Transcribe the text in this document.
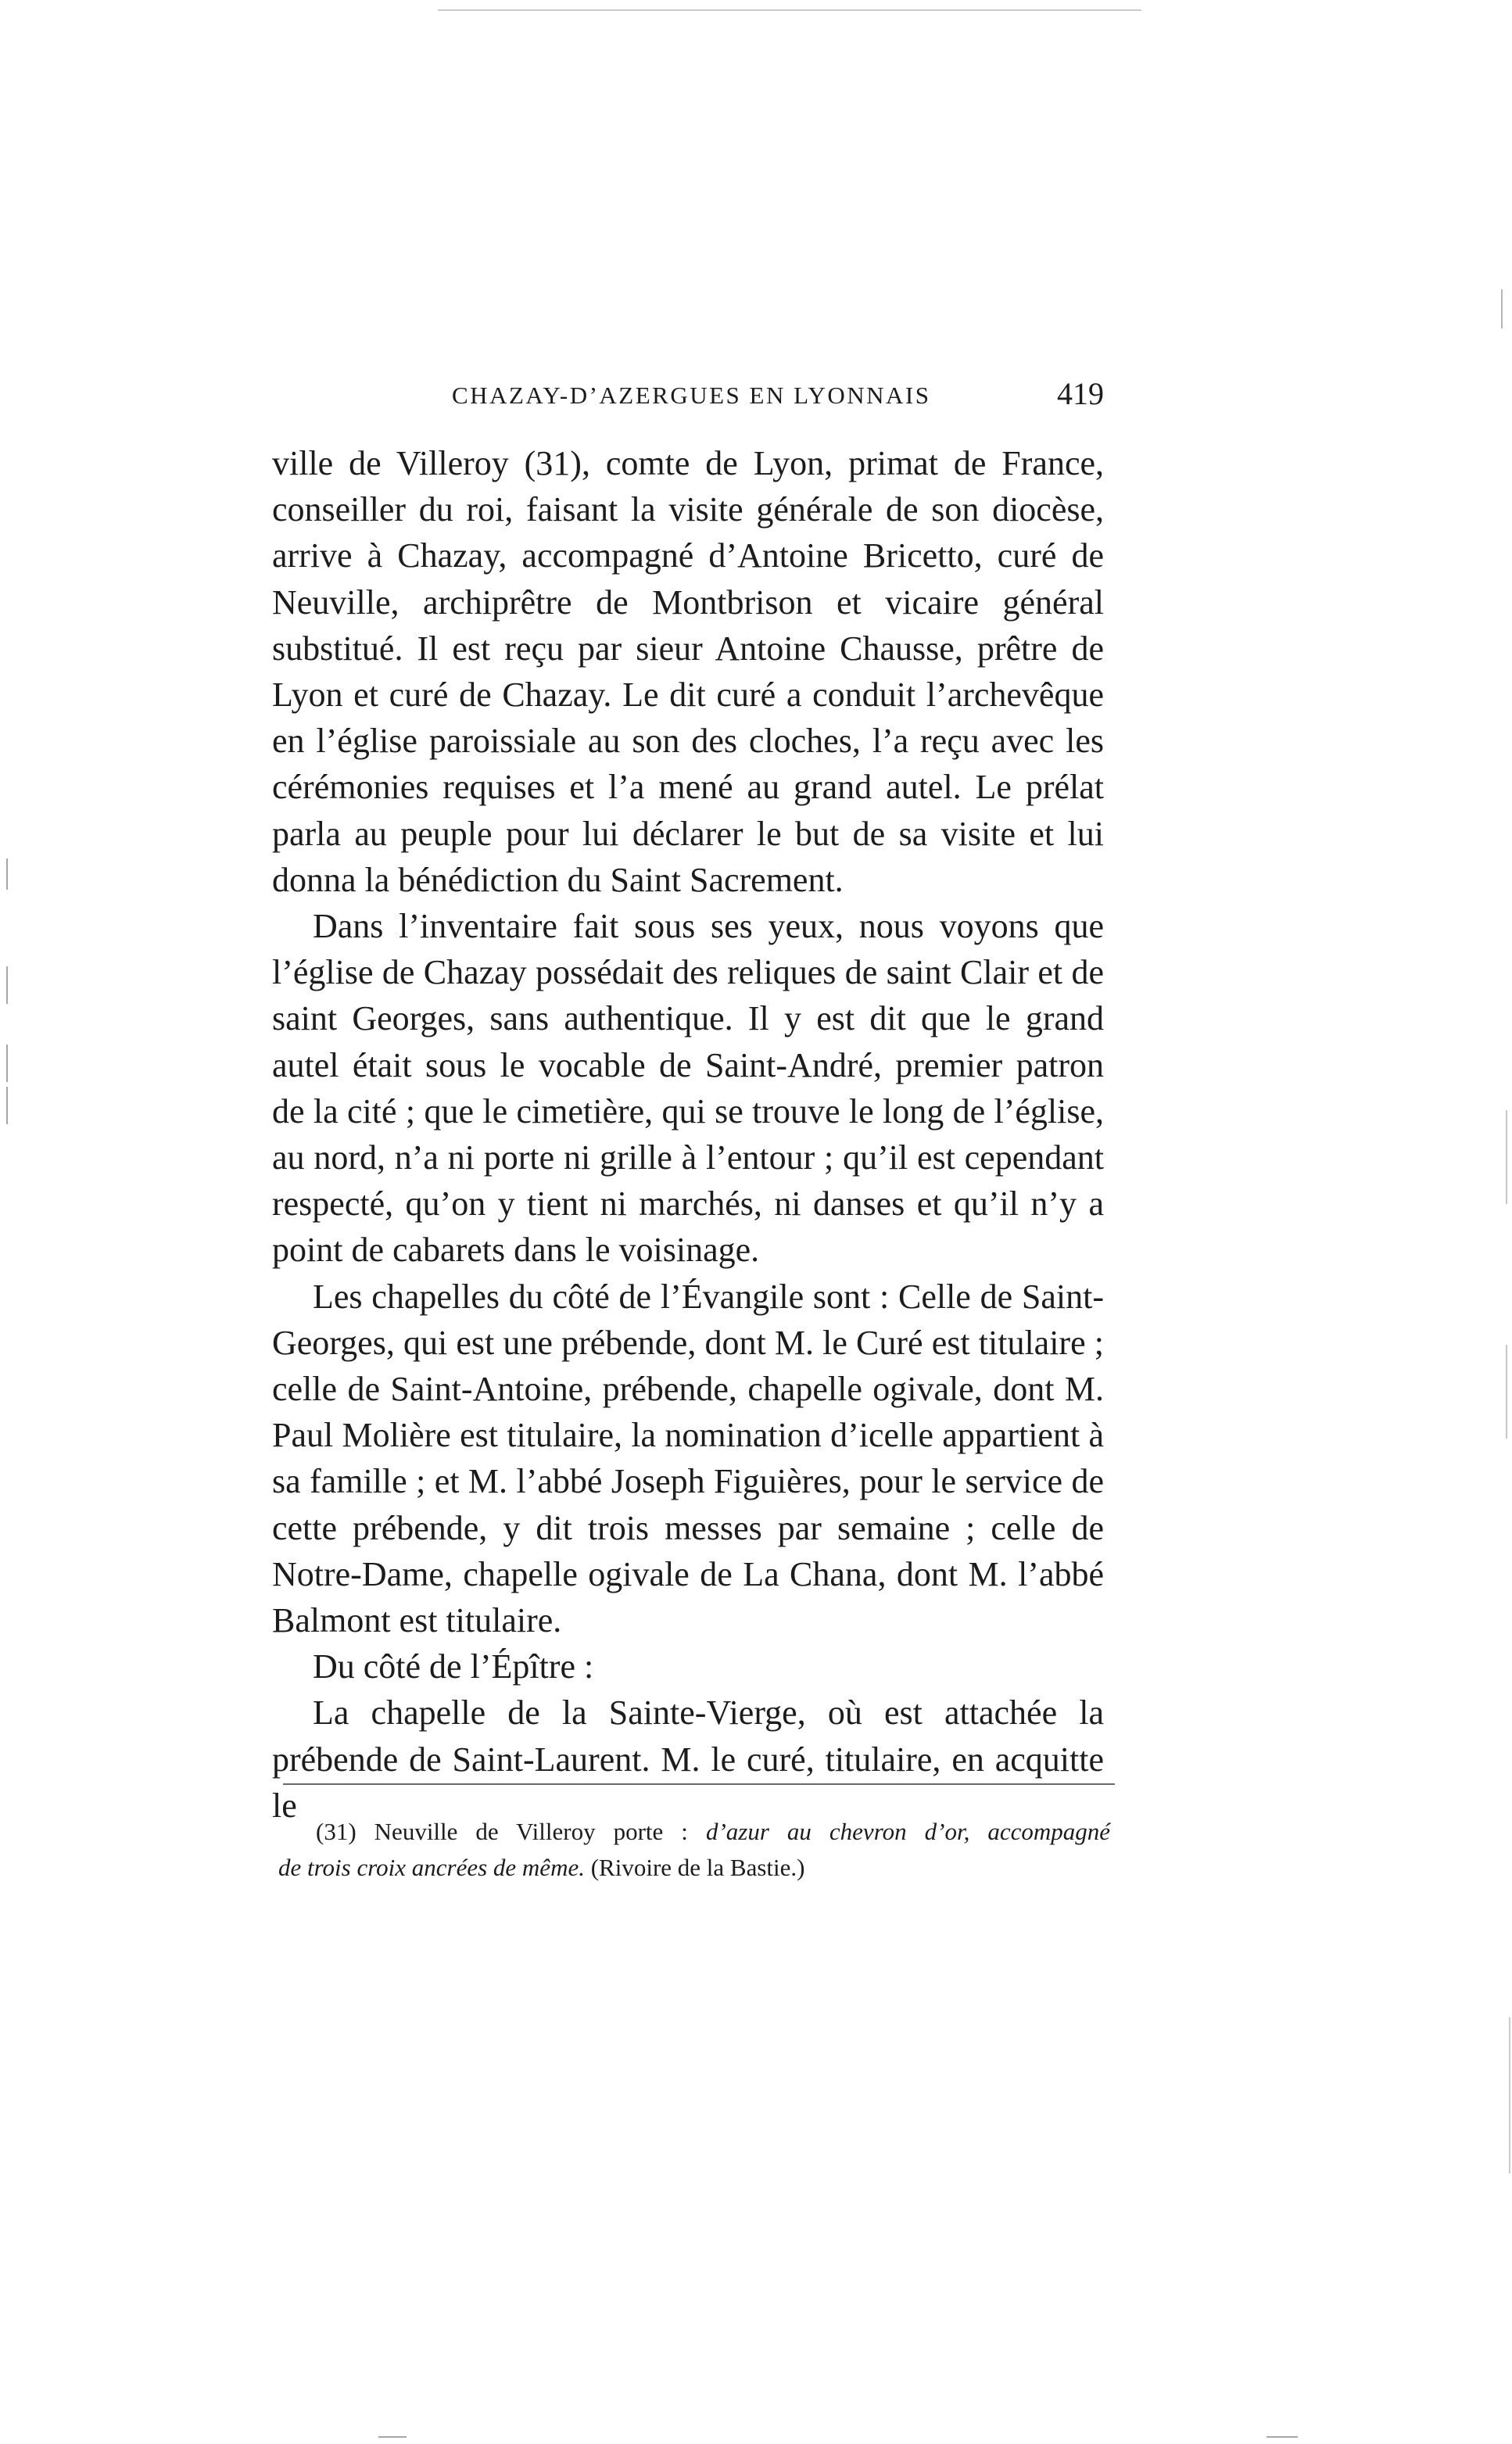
CHAZAY-D’AZERGUES EN LYONNAIS	419

ville de Villeroy (31), comte de Lyon, primat de France, conseiller du roi, faisant la visite générale de son diocèse, arrive à Chazay, accompagné d’Antoine Bricetto, curé de Neuville, archiprêtre de Montbrison et vicaire général substitué. Il est reçu par sieur Antoine Chausse, prêtre de Lyon et curé de Chazay. Le dit curé a conduit l’archevêque en l’église paroissiale au son des cloches, l’a reçu avec les cérémonies requises et l’a mené au grand autel. Le prélat parla au peuple pour lui déclarer le but de sa visite et lui donna la bénédiction du Saint Sacrement.

Dans l’inventaire fait sous ses yeux, nous voyons que l’église de Chazay possédait des reliques de saint Clair et de saint Georges, sans authentique. Il y est dit que le grand autel était sous le vocable de Saint-André, premier patron de la cité ; que le cimetière, qui se trouve le long de l’église, au nord, n’a ni porte ni grille à l’entour ; qu’il est cependant respecté, qu’on y tient ni marchés, ni danses et qu’il n’y a point de cabarets dans le voisinage.

Les chapelles du côté de l’Évangile sont : Celle de Saint-Georges, qui est une prébende, dont M. le Curé est titulaire ; celle de Saint-Antoine, prébende, chapelle ogivale, dont M. Paul Molière est titulaire, la nomination d’icelle appartient à sa famille ; et M. l’abbé Joseph Figuières, pour le service de cette prébende, y dit trois messes par semaine ; celle de Notre-Dame, chapelle ogivale de La Chana, dont M. l’abbé Balmont est titulaire.

Du côté de l’Épître :

La chapelle de la Sainte-Vierge, où est attachée la prébende de Saint-Laurent. M. le curé, titulaire, en acquitte le

(31) Neuville de Villeroy porte : d’azur au chevron d’or, accompagné

de trois croix ancrées de même. (Rivoire de la Bastie.)
